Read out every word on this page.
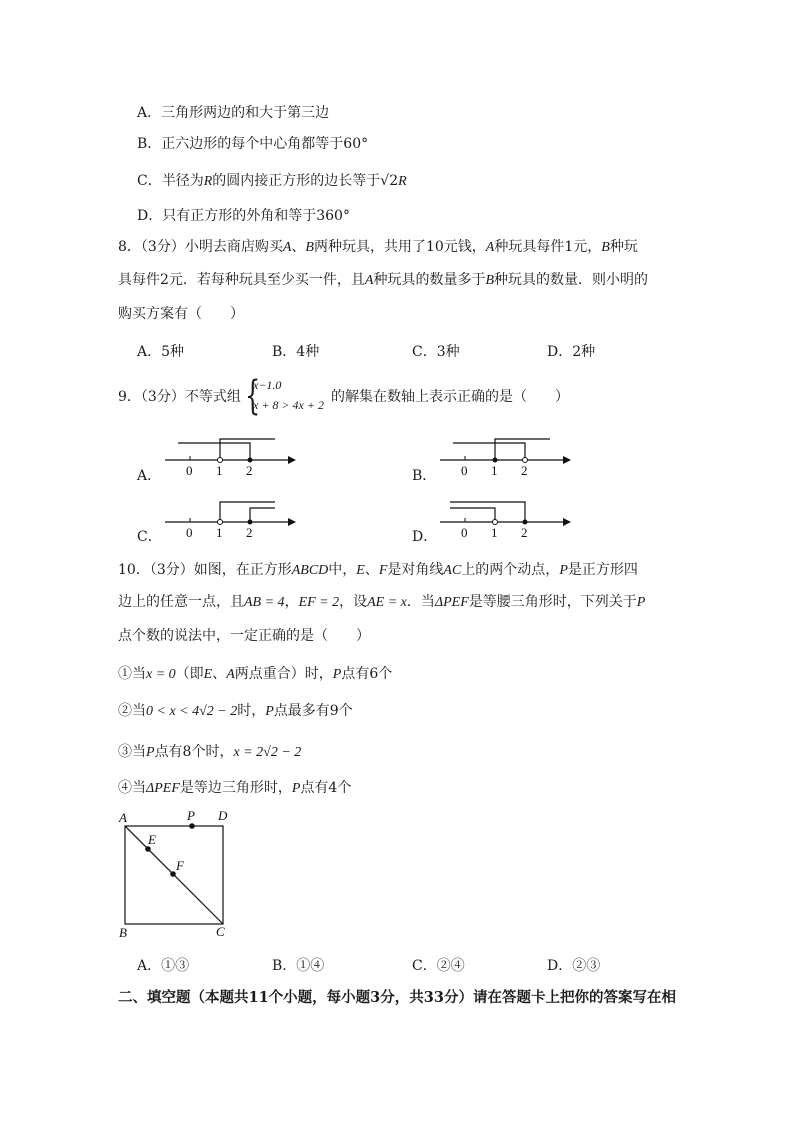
A．三角形两边的和大于第三边
B．正六边形的每个中心角都等于60°
C．半径为R的圆内接正方形的边长等于√2R
D．只有正方形的外角和等于360°
8．（3分）小明去商店购买A、B两种玩具，共用了10元钱，A种玩具每件1元，B种玩
具每件2元．若每种玩具至少买一件，且A种玩具的数量多于B种玩具的数量．则小明的
购买方案有（　　）
A．5种	B．4种	C．3种	D．2种
9．（3分）不等式组 {
x−1.0
x + 8 > 4x + 2 的解集在数轴上表示正确的是（　　）
A．	B．
C．	D．
0 1 2	0 1 2
0 1 2	0 1 2
10．（3分）如图，在正方形ABCD中，E、F是对角线AC上的两个动点，P是正方形四
边上的任意一点，且AB = 4，EF = 2，设AE = x．当ΔPEF是等腰三角形时，下列关于P
点个数的说法中，一定正确的是（　　）
①当x = 0（即E、A两点重合）时，P点有6个
②当0 < x < 4√2 − 2时，P点最多有9个
③当P点有8个时，x = 2√2 − 2
④当ΔPEF是等边三角形时，P点有4个
A	D
P
E
F
B	C
A．①③	B．①④	C．②④	D．②③
二、填空题（本题共11个小题，每小题3分，共33分）请在答题卡上把你的答案写在相
